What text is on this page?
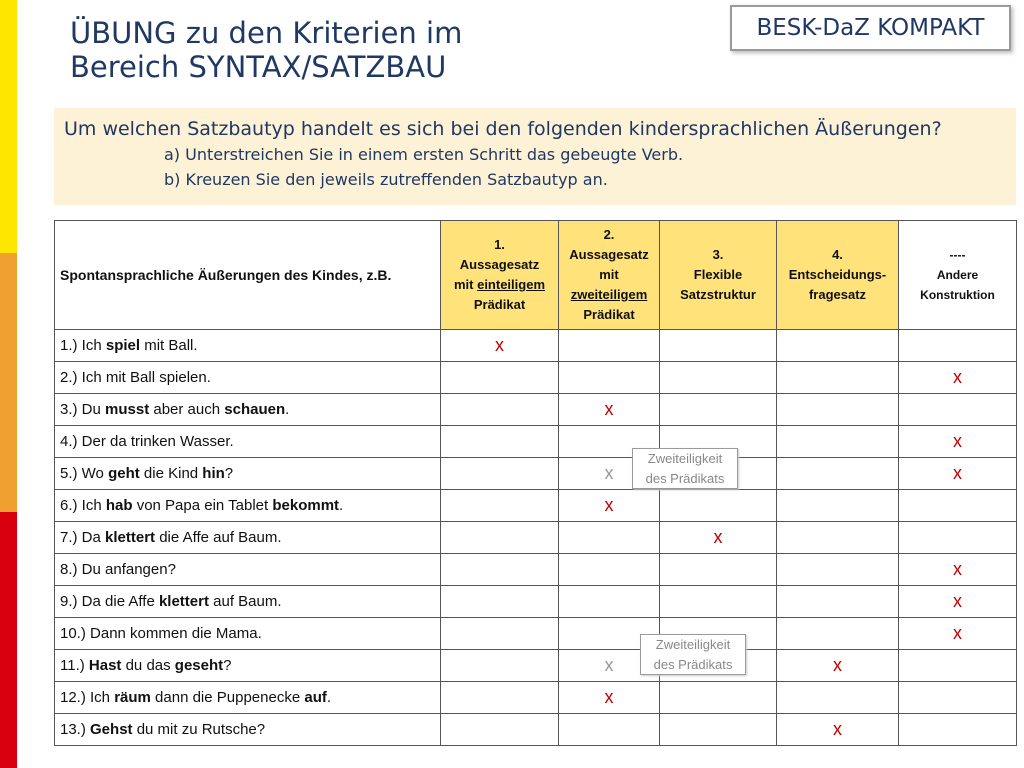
ÜBUNG zu den Kriterien im
Bereich SYNTAX/SATZBAU
BESK-DaZ KOMPAKT

Um welchen Satzbautyp handelt es sich bei den folgenden kindersprachlichen Äußerungen?

a) Unterstreichen Sie in einem ersten Schritt das gebeugte Verb.

b) Kreuzen Sie den jeweils zutreffenden Satzbautyp an.

Spontansprachliche Äußerungen des Kindes, z.B.	1.
Aussagesatz
mit einteiligem
Prädikat	2.
Aussagesatz
mit
zweiteiligem
Prädikat	3.
Flexible
Satzstruktur	4.
Entscheidungs-
fragesatz	----
Andere
Konstruktion
1.) Ich spiel mit Ball.	x				
2.) Ich mit Ball spielen.					x
3.) Du musst aber auch schauen.		x			
4.) Der da trinken Wasser.					x
5.) Wo geht die Kind hin?		x			x
6.) Ich hab von Papa ein Tablet bekommt.		x			
7.) Da klettert die Affe auf Baum.			x		
8.) Du anfangen?					x
9.) Da die Affe klettert auf Baum.					x
10.) Dann kommen die Mama.					x
11.) Hast du das geseht?		x		x	
12.) Ich räum dann die Puppenecke auf.		x			
13.) Gehst du mit zu Rutsche?				x	
Zweiteiligkeit
des Prädikats
Zweiteiligkeit
des Prädikats
